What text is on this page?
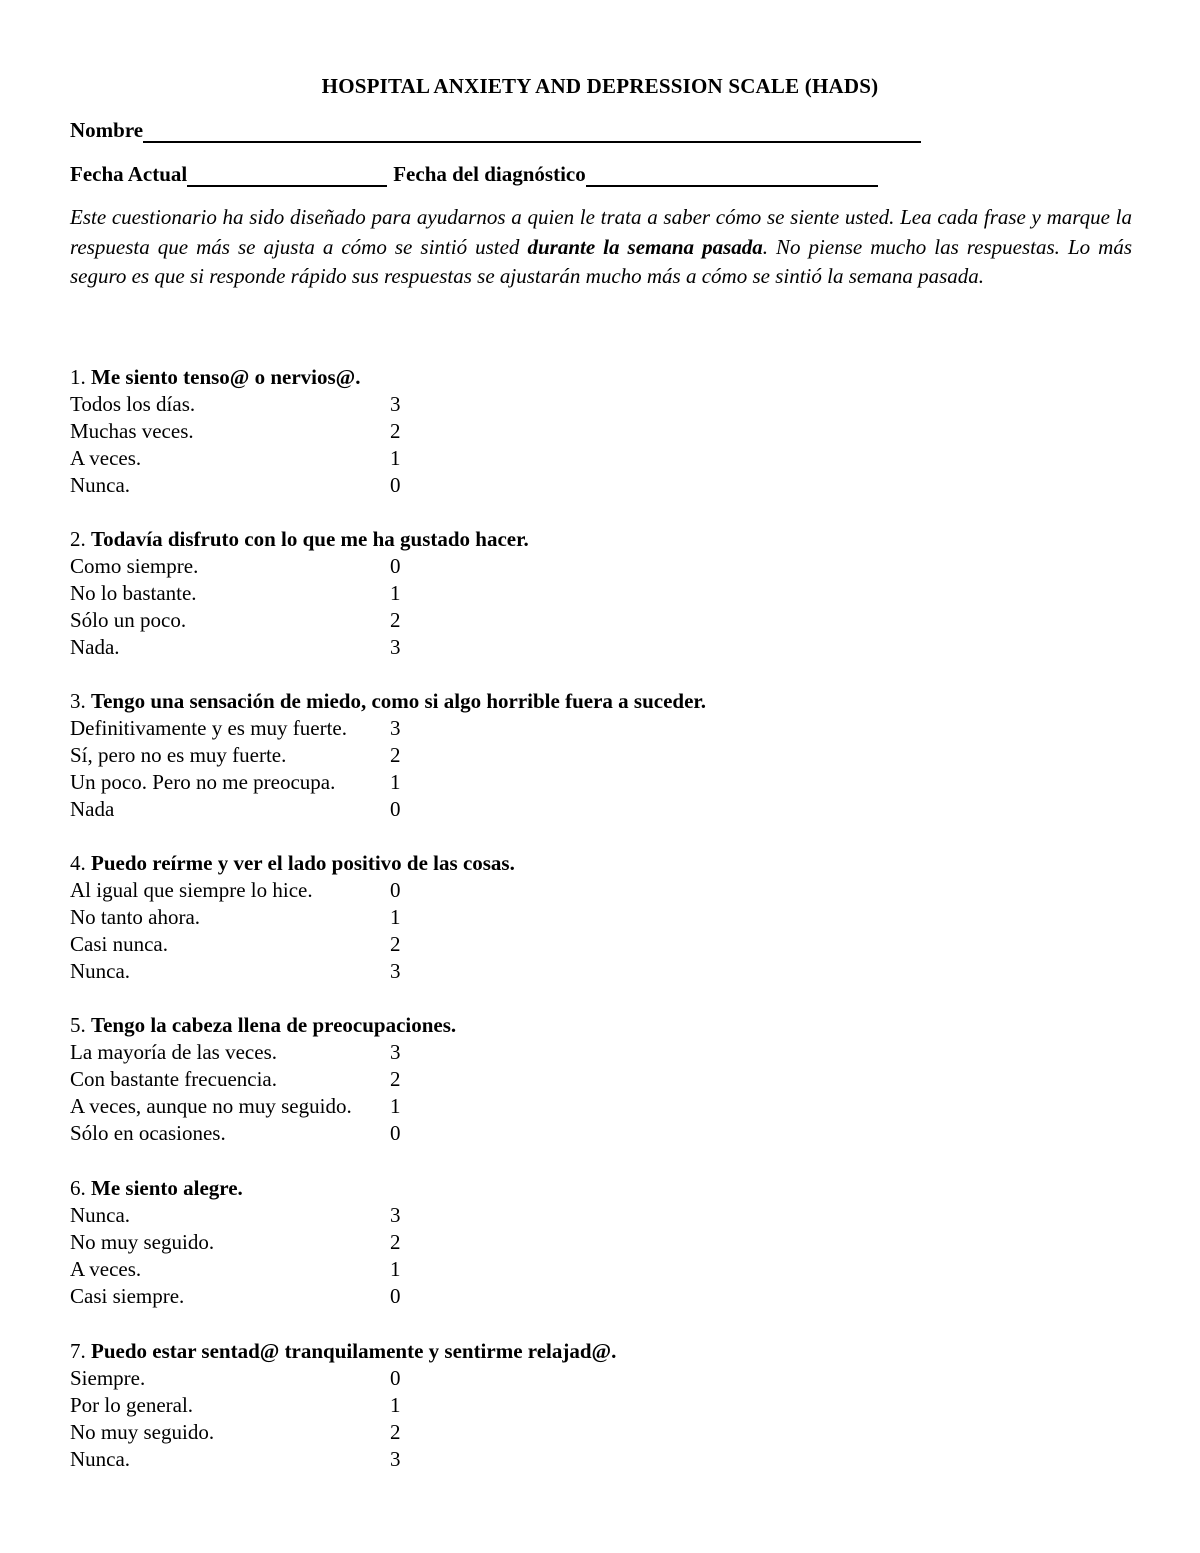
HOSPITAL ANXIETY AND DEPRESSION SCALE (HADS)
Nombre
Fecha Actual	Fecha del diagnóstico
Este cuestionario ha sido diseñado para ayudarnos a quien le trata a saber cómo se siente usted. Lea cada frase y marque la respuesta que más se ajusta a cómo se sintió usted durante la semana pasada. No piense mucho las respuestas. Lo más seguro es que si responde rápido sus respuestas se ajustarán mucho más a cómo se sintió la semana pasada.
1. Me siento tenso@ o nervios@.
Todos los días.	3
Muchas veces.	2
A veces.	1
Nunca.	0
2. Todavía disfruto con lo que me ha gustado hacer.
Como siempre.	0
No lo bastante.	1
Sólo un poco.	2
Nada.	3
3. Tengo una sensación de miedo, como si algo horrible fuera a suceder.
Definitivamente y es muy fuerte. 3
Sí, pero no es muy fuerte.	2
Un poco. Pero no me preocupa.	1
Nada	0
4. Puedo reírme y ver el lado positivo de las cosas.
Al igual que siempre lo hice.	0
No tanto ahora.	1
Casi nunca.	2
Nunca.	3
5. Tengo la cabeza llena de preocupaciones.
La mayoría de las veces.	3
Con bastante frecuencia.	2
A veces, aunque no muy seguido. 1
Sólo en ocasiones.	0
6. Me siento alegre.
Nunca.	3
No muy seguido.	2
A veces.	1
Casi siempre.	0
7. Puedo estar sentad@ tranquilamente y sentirme relajad@.
Siempre.	0
Por lo general.	1
No muy seguido.	2
Nunca.	3
